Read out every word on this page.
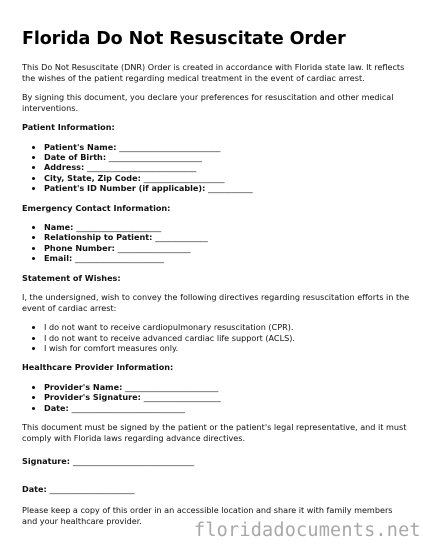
Florida Do Not Resuscitate Order

This Do Not Resuscitate (DNR) Order is created in accordance with Florida state law. It reflects the wishes of the patient regarding medical treatment in the event of cardiac arrest.

By signing this document, you declare your preferences for resuscitation and other medical interventions.

Patient Information:
• Patient's Name: _________________________
• Date of Birth: _______________________
• Address: ___________________________
• City, State, Zip Code: ____________________
• Patient's ID Number (if applicable): ___________
Emergency Contact Information:
• Name: _____________________
• Relationship to Patient: _____________
• Phone Number: __________________
• Email: ______________________
Statement of Wishes:

I, the undersigned, wish to convey the following directives regarding resuscitation efforts in the event of cardiac arrest:

• I do not want to receive cardiopulmonary resuscitation (CPR).
• I do not want to receive advanced cardiac life support (ACLS).
• I wish for comfort measures only.
Healthcare Provider Information:
• Provider's Name: _______________________
• Provider's Signature: ___________________
• Date: ____________________________

This document must be signed by the patient or the patient's legal representative, and it must comply with Florida laws regarding advance directives.

Signature: ______________________________
Date: _____________________

Please keep a copy of this order in an accessible location and share it with family members and your healthcare provider.	floridadocuments.net
